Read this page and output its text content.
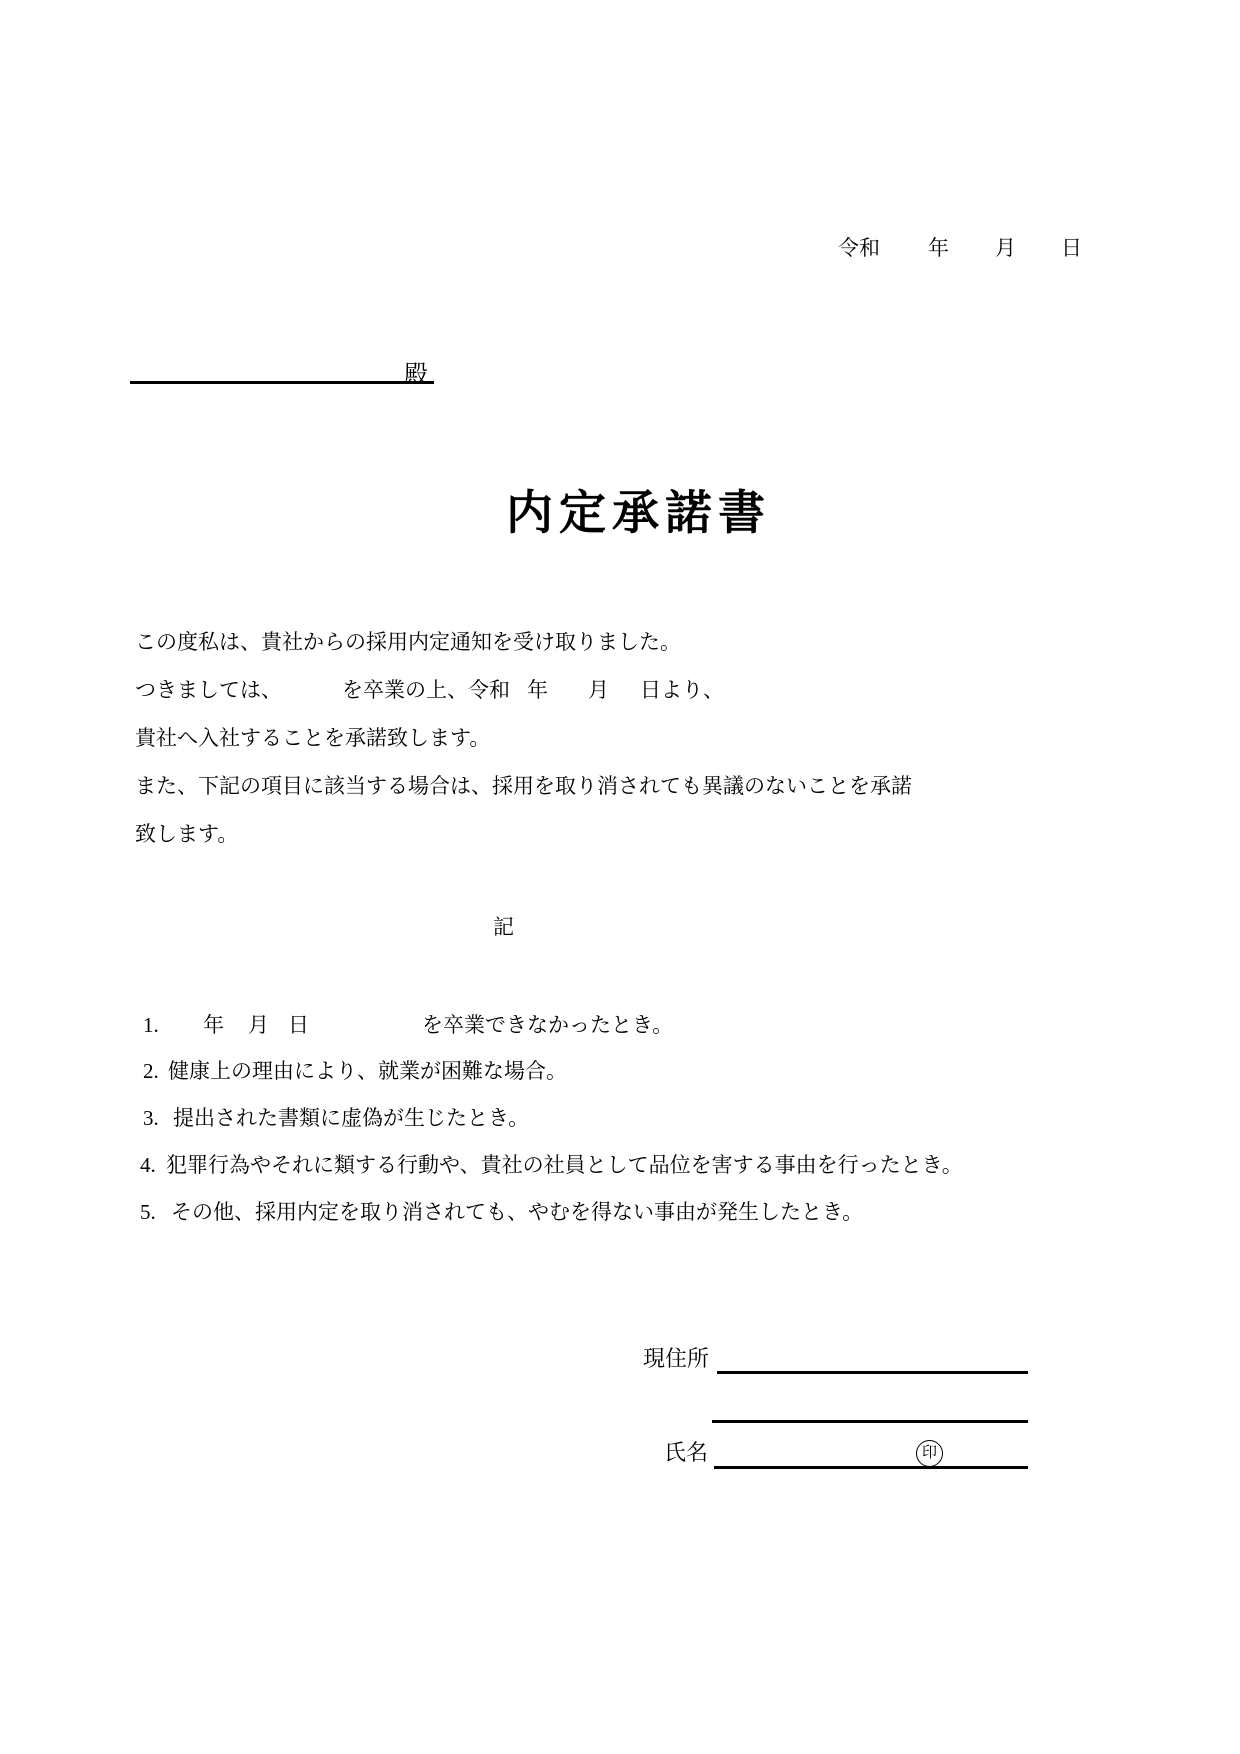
令和 年 月 日
殿
内定承諾書
この度私は、貴社からの採用内定通知を受け取りました。
つきましては、	を卒業の上、令和 年 月 日より、
貴社へ入社することを承諾致します。
また、下記の項目に該当する場合は、採用を取り消されても異議のないことを承諾
致します。
記
1. 年 月 日	を卒業できなかったとき。
2. 健康上の理由により、就業が困難な場合。
3. 提出された書類に虚偽が生じたとき。
4. 犯罪行為やそれに類する行動や、貴社の社員として品位を害する事由を行ったとき。
5. その他、採用内定を取り消されても、やむを得ない事由が発生したとき。
現住所
氏名	印
